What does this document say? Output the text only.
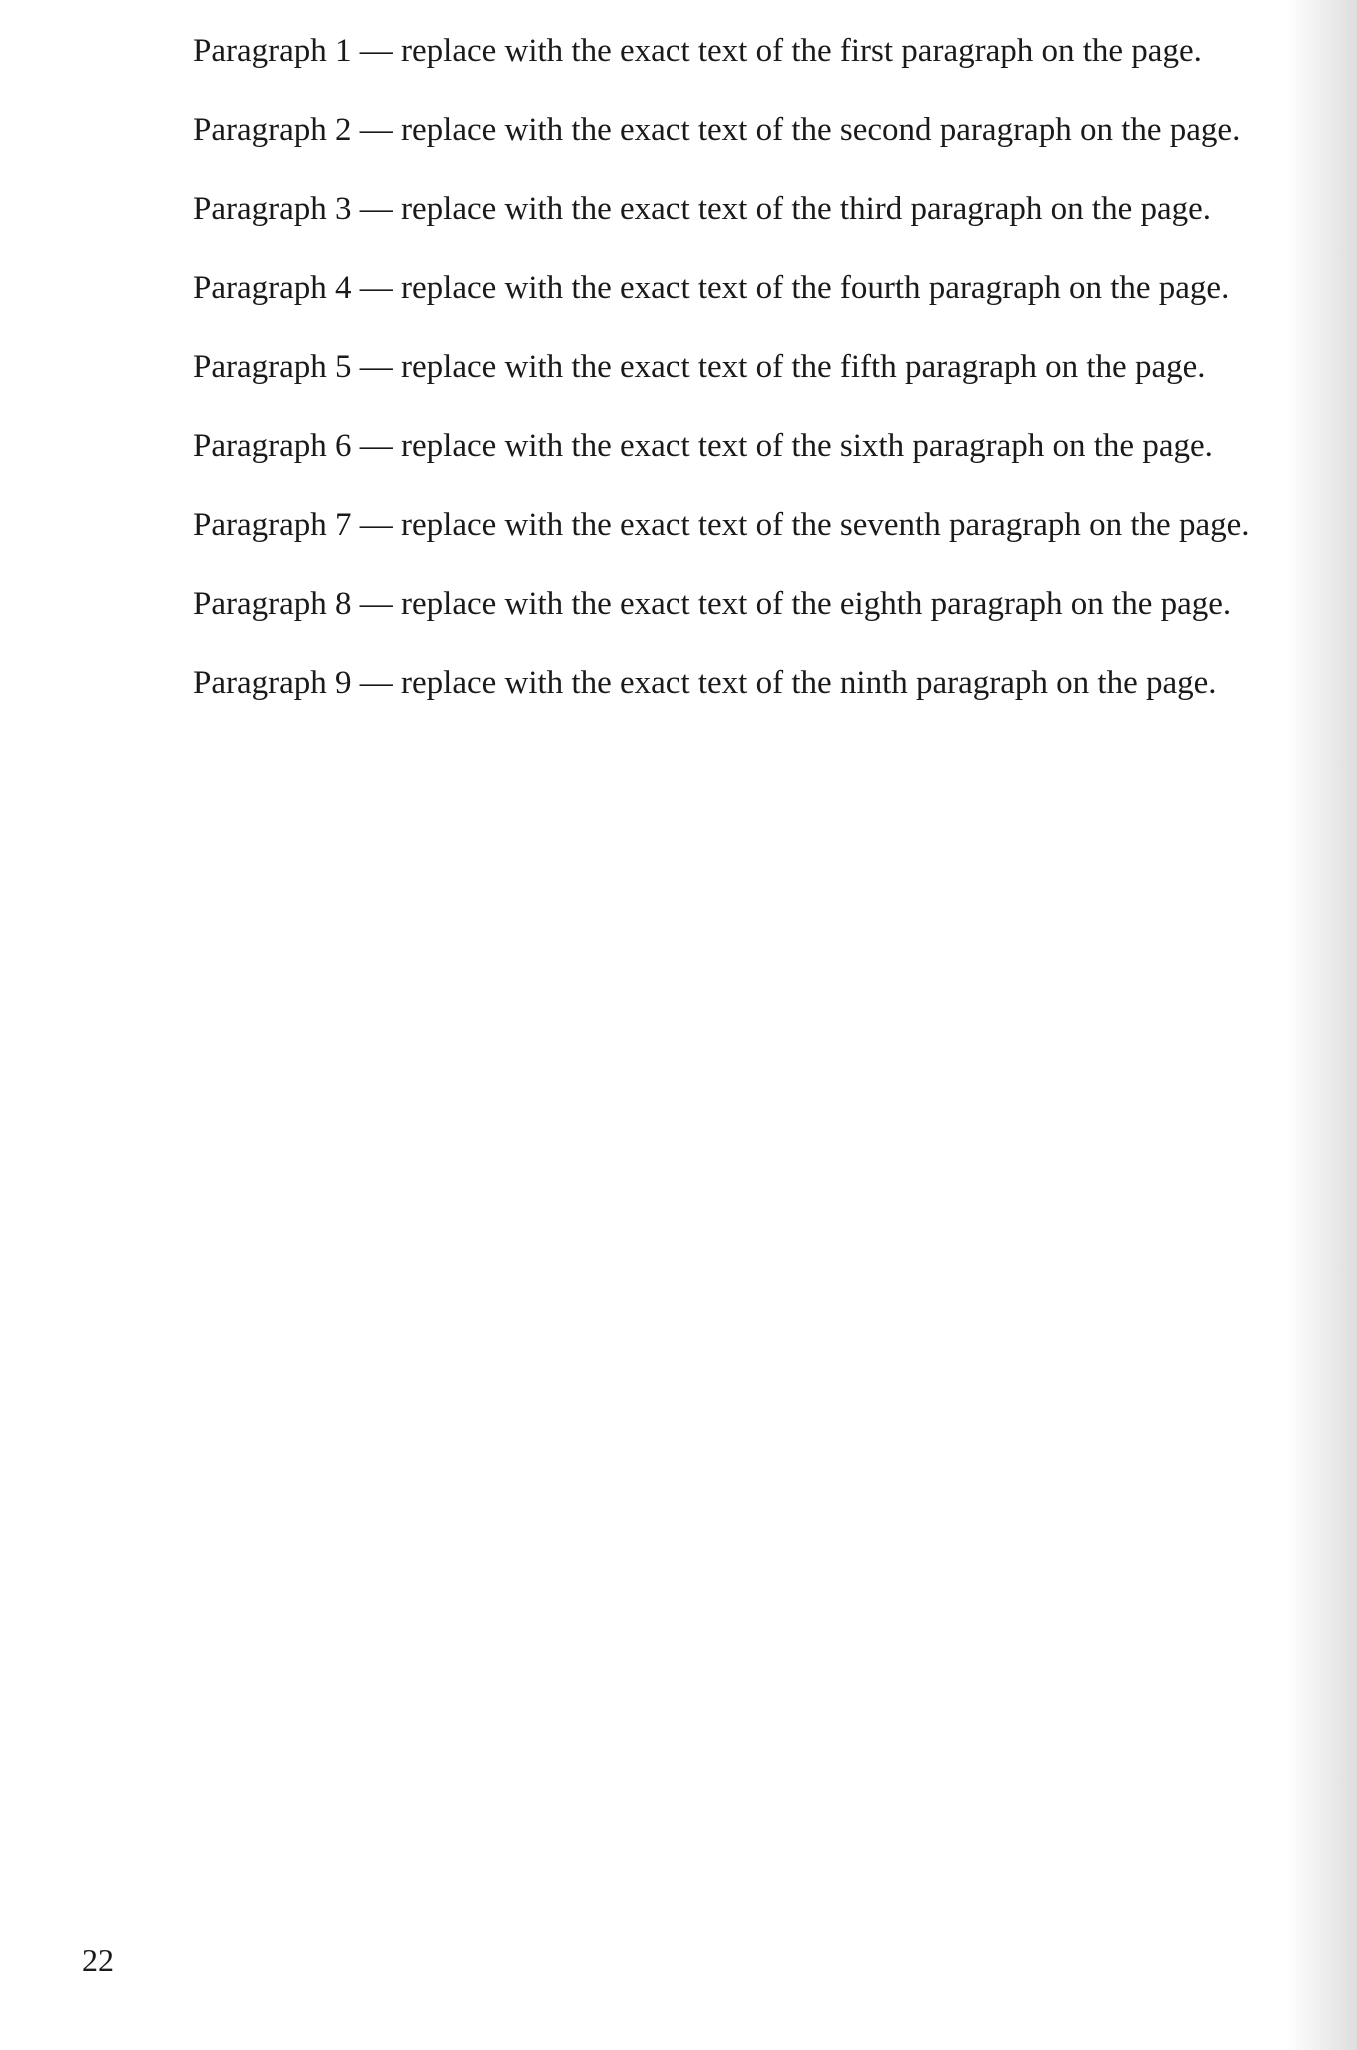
Paragraph 1 — replace with the exact text of the first paragraph on the page.

Paragraph 2 — replace with the exact text of the second paragraph on the page.

Paragraph 3 — replace with the exact text of the third paragraph on the page.

Paragraph 4 — replace with the exact text of the fourth paragraph on the page.

Paragraph 5 — replace with the exact text of the fifth paragraph on the page.

Paragraph 6 — replace with the exact text of the sixth paragraph on the page.

Paragraph 7 — replace with the exact text of the seventh paragraph on the page.

Paragraph 8 — replace with the exact text of the eighth paragraph on the page.

Paragraph 9 — replace with the exact text of the ninth paragraph on the page.

22
